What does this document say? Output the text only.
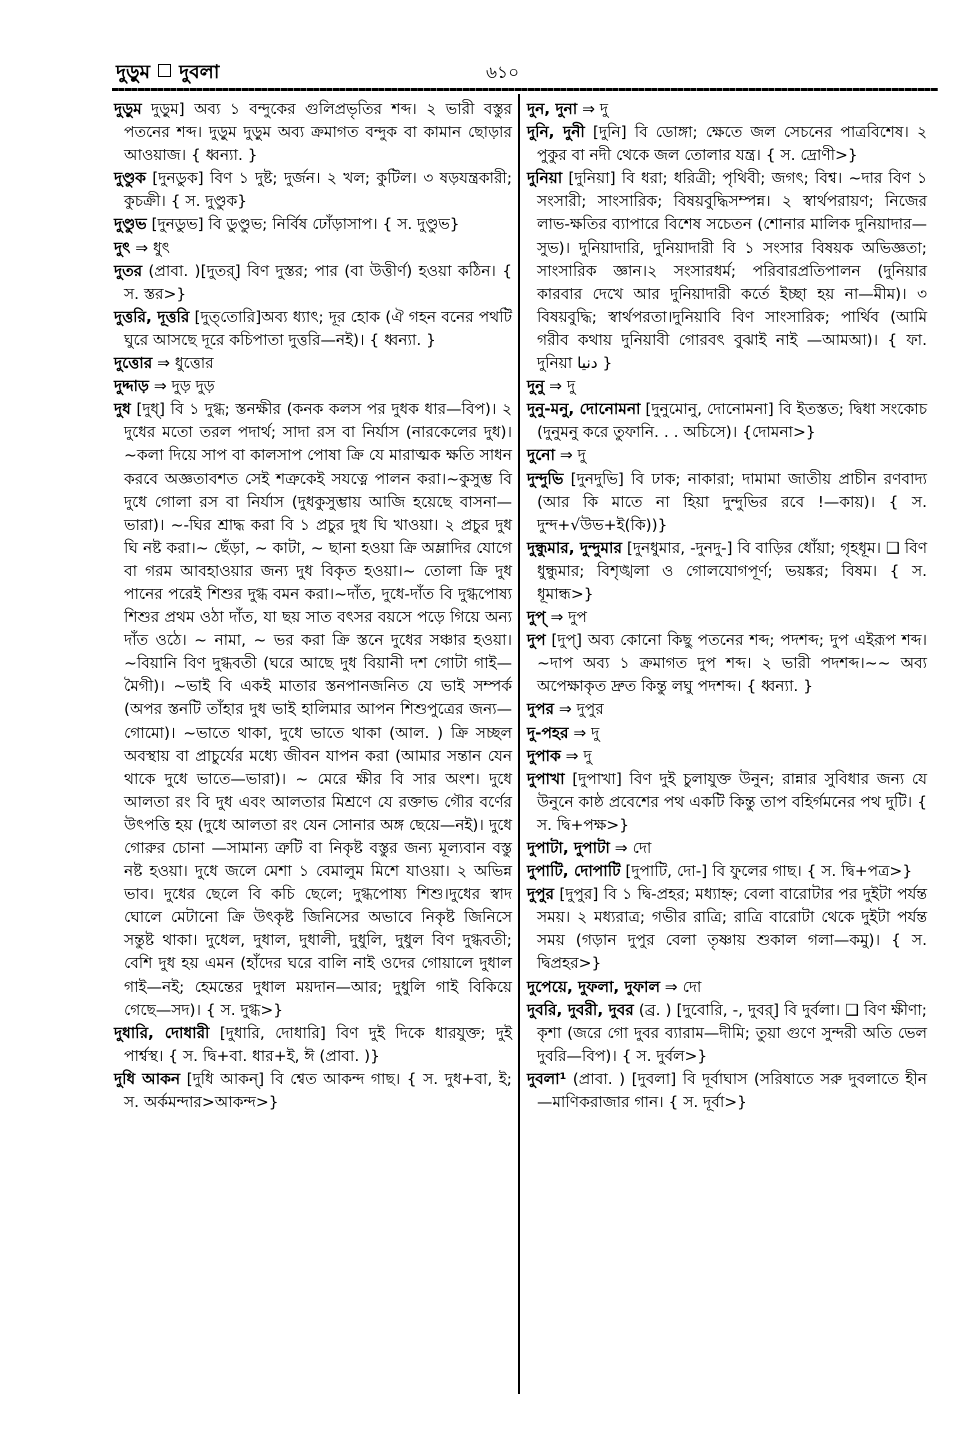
দুড়ুম দুবলা	৬১০

দুড়ুম দুড়ুম] অব্য ১ বন্দুকের গুলিপ্রভৃতির শব্দ। ২ ভারী বস্তুর পতনের শব্দ। দুড়ুম দুড়ুম অব্য ক্রমাগত বন্দুক বা কামান ছোড়ার আওয়াজ। { ধ্বন্যা. }

দুণ্ডুক [দুনডুক] বিণ ১ দুষ্ট; দুর্জন। ২ খল; কুটিল। ৩ ষড়যন্ত্রকারী; কুচক্রী। { স. দুণ্ডুক}

দুণ্ডুভ [দুনডুভ] বি ডুণ্ডুভ; নির্বিষ ঢোঁড়াসাপ। { স. দুণ্ডুভ}

দুৎ ⇒ ধুৎ

দুতর (প্রাবা. )[দুতর্] বিণ দুস্তর; পার (বা উত্তীর্ণ) হওয়া কঠিন। { স. স্তর>}

দুত্তরি, দূত্তরি [দুত্‌তোরি]অব্য ধ্যাৎ; দূর হোক (ঐ গহন বনের পথটি ঘুরে আসছে দূরে কচিপাতা দুত্তরি—নই)। { ধ্বন্যা. }

দুত্তোর ⇒ ধুত্তোর

দুদ্দাড় ⇒ দুড় দুড়

দুধ [দুধ্] বি ১ দুগ্ধ; স্তনক্ষীর (কনক কলস পর দুধক ধার—বিপ)। ২ দুধের মতো তরল পদার্থ; সাদা রস বা নির্যাস (নারকেলের দুধ)।~কলা দিয়ে সাপ বা কালসাপ পোষা ক্রি যে মারাত্মক ক্ষতি সাধন করবে অজ্ঞতাবশত সেই শত্রুকেই সযত্নে পালন করা।~কুসুম্ভ বি দুধে গোলা রস বা নির্যাস (দুধকুসুম্ভায় আজি হয়েছে বাসনা—ভারা)। ~-ঘির শ্রাদ্ধ করা বি ১ প্রচুর দুধ ঘি খাওয়া। ২ প্রচুর দুধ ঘি নষ্ট করা।~ ছেঁড়া, ~ কাটা, ~ ছানা হওয়া ক্রি অম্লাদির যোগে বা গরম আবহাওয়ার জন্য দুধ বিকৃত হওয়া।~ তোলা ক্রি দুধ পানের পরেই শিশুর দুগ্ধ বমন করা।~দাঁত, দুধে-দাঁত বি দুগ্ধপোষ্য শিশুর প্রথম ওঠা দাঁত, যা ছয় সাত বৎসর বয়সে পড়ে গিয়ে অন্য দাঁত ওঠে। ~ নামা, ~ ভর করা ক্রি স্তনে দুধের সঞ্চার হওয়া। ~বিয়ানি বিণ দুগ্ধবতী (ঘরে আছে দুধ বিয়ানী দশ গোটা গাই—মৈগী)। ~ভাই বি একই মাতার স্তনপানজনিত যে ভাই সম্পর্ক (অপর স্তনটি তাঁহার দুধ ভাই হালিমার আপন শিশুপুত্রের জন্য—গোমো)। ~ভাতে থাকা, দুধে ভাতে থাকা (আল. ) ক্রি সচ্ছল অবস্থায় বা প্রাচুর্যের মধ্যে জীবন যাপন করা (আমার সন্তান যেন থাকে দুধে ভাতে—ভারা)। ~ মেরে ক্ষীর বি সার অংশ। দুধে আলতা রং বি দুধ এবং আলতার মিশ্রণে যে রক্তাভ গৌর বর্ণের উৎপত্তি হয় (দুধে আলতা রং যেন সোনার অঙ্গ ছেয়ে—নই)। দুধে গোরুর চোনা —সামান্য ত্রুটি বা নিকৃষ্ট বস্তুর জন্য মূল্যবান বস্তু নষ্ট হওয়া। দুধে জলে মেশা ১ বেমালুম মিশে যাওয়া। ২ অভিন্ন ভাব। দুধের ছেলে বি কচি ছেলে; দুগ্ধপোষ্য শিশু।দুধের স্বাদ ঘোলে মেটানো ক্রি উৎকৃষ্ট জিনিসের অভাবে নিকৃষ্ট জিনিসে সন্তুষ্ট থাকা। দুধেল, দুধাল, দুধালী, দুধুলি, দুধুল বিণ দুগ্ধবতী; বেশি দুধ হয় এমন (হাঁদের ঘরে বালি নাই ওদের গোয়ালে দুধাল গাই—নই; হেমন্তের দুধাল ময়দান—আর; দুধুলি গাই বিকিয়ে গেছে—সদ)। { স. দুগ্ধ>}

দুধারি, দোধারী [দুধারি, দোধারি] বিণ দুই দিকে ধারযুক্ত; দুই পার্শ্বস্থ। { স. দ্বি+বা. ধার+ই, ঈ (প্রাবা. )}

দুধি আকন [দুধি আকন্] বি শ্বেত আকন্দ গাছ। { স. দুধ+বা, ই; স. অর্কমন্দার>আকন্দ>}

দুন, দুনা ⇒ দু

দুনি, দুনী [দুনি] বি ডোঙ্গা; ক্ষেতে জল সেচনের পাত্রবিশেষ। ২ পুকুর বা নদী থেকে জল তোলার যন্ত্র। { স. দ্রোণী>}

দুনিয়া [দুনিয়া] বি ধরা; ধরিত্রী; পৃথিবী; জগৎ; বিশ্ব। ~দার বিণ ১ সংসারী; সাংসারিক; বিষয়বুদ্ধিসম্পন্ন। ২ স্বার্থপরায়ণ; নিজের লাভ-ক্ষতির ব্যাপারে বিশেষ সচেতন (শোনার মালিক দুনিয়াদার—সুভ)। দুনিয়াদারি, দুনিয়াদারী বি ১ সংসার বিষয়ক অভিজ্ঞতা; সাংসারিক জ্ঞান।২ সংসারধর্ম; পরিবারপ্রতিপালন (দুনিয়ার কারবার দেখে আর দুনিয়াদারী কর্তে ইচ্ছা হয় না—মীম)। ৩ বিষয়বুদ্ধি; স্বার্থপরতা।দুনিয়াবি বিণ সাংসারিক; পার্থিব (আমি গরীব কথায় দুনিয়াবী গোরবৎ বুঝাই নাই —আমআ)। { ফা. দুনিয়া دنیا }

দুনু ⇒ দু

দুনু-মনু, দোনোমনা [দুনুমোনু, দোনোমনা] বি ইতস্তত; দ্বিধা সংকোচ (দুনুমনু করে তুফানি. . . অচিসে)। {দোমনা>}

দুনো ⇒ দু

দুন্দুভি [দুনদুভি] বি ঢাক; নাকারা; দামামা জাতীয় প্রাচীন রণবাদ্য (আর কি মাতে না হিয়া দুন্দুভির রবে !—কায়)। { স. দুন্দ+√উভ+ই(কি))}

দুন্ধুমার, দুন্দুমার [দুনধুমার, -দুনদু-] বি বাড়ির ধোঁয়া; গৃহধূম। ❑ বিণ ধুন্ধুমার; বিশৃঙ্খলা ও গোলযোগপূর্ণ; ভয়ঙ্কর; বিষম। { স. ধূমান্ধ>}

দুপ্ ⇒ দুপ

দুপ [দুপ্] অব্য কোনো কিছু পতনের শব্দ; পদশব্দ; দুপ এইরূপ শব্দ।~দাপ অব্য ১ ক্রমাগত দুপ শব্দ। ২ ভারী পদশব্দ।~~ অব্য অপেক্ষাকৃত দ্রুত কিন্তু লঘু পদশব্দ। { ধ্বন্যা. }

দুপর ⇒ দুপুর

দু-পহর ⇒ দু

দুপাক ⇒ দু

দুপাখা [দুপাখা] বিণ দুই চুলাযুক্ত উনুন; রান্নার সুবিধার জন্য যে উনুনে কাষ্ঠ প্রবেশের পথ একটি কিন্তু তাপ বহির্গমনের পথ দুটি। { স. দ্বি+পক্ষ>}

দুপাটা, দুপাটা ⇒ দো

দুপাটি, দোপাটি [দুপাটি, দো-] বি ফুলের গাছ। { স. দ্বি+পত্র>}

দুপুর [দুপুর] বি ১ দ্বি-প্রহর; মধ্যাহ্ন; বেলা বারোটার পর দুইটা পর্যন্ত সময়। ২ মধ্যরাত্র; গভীর রাত্রি; রাত্রি বারোটা থেকে দুইটা পর্যন্ত সময় (গড়ান দুপুর বেলা তৃষ্ণায় শুকাল গলা—কমু)। { স. দ্বিপ্রহর>}

দুপেয়ে, দুফলা, দুফাল ⇒ দো

দুবরি, দুবরী, দুবর (ব্র. ) [দুবোরি, -, দুবর্] বি দুর্বলা। ❑ বিণ ক্ষীণা; কৃশা (জরে গো দুবর ব্যারাম—দীমি; তুয়া গুণে সুন্দরী অতি ভেল দুবরি—বিপ)। { স. দুর্বল>}

দুবলা¹ (প্রাবা. ) [দুবলা] বি দূর্বাঘাস (সরিষাতে সরু দুবলাতে হীন—মাণিকরাজার গান। { স. দূর্বা>}
